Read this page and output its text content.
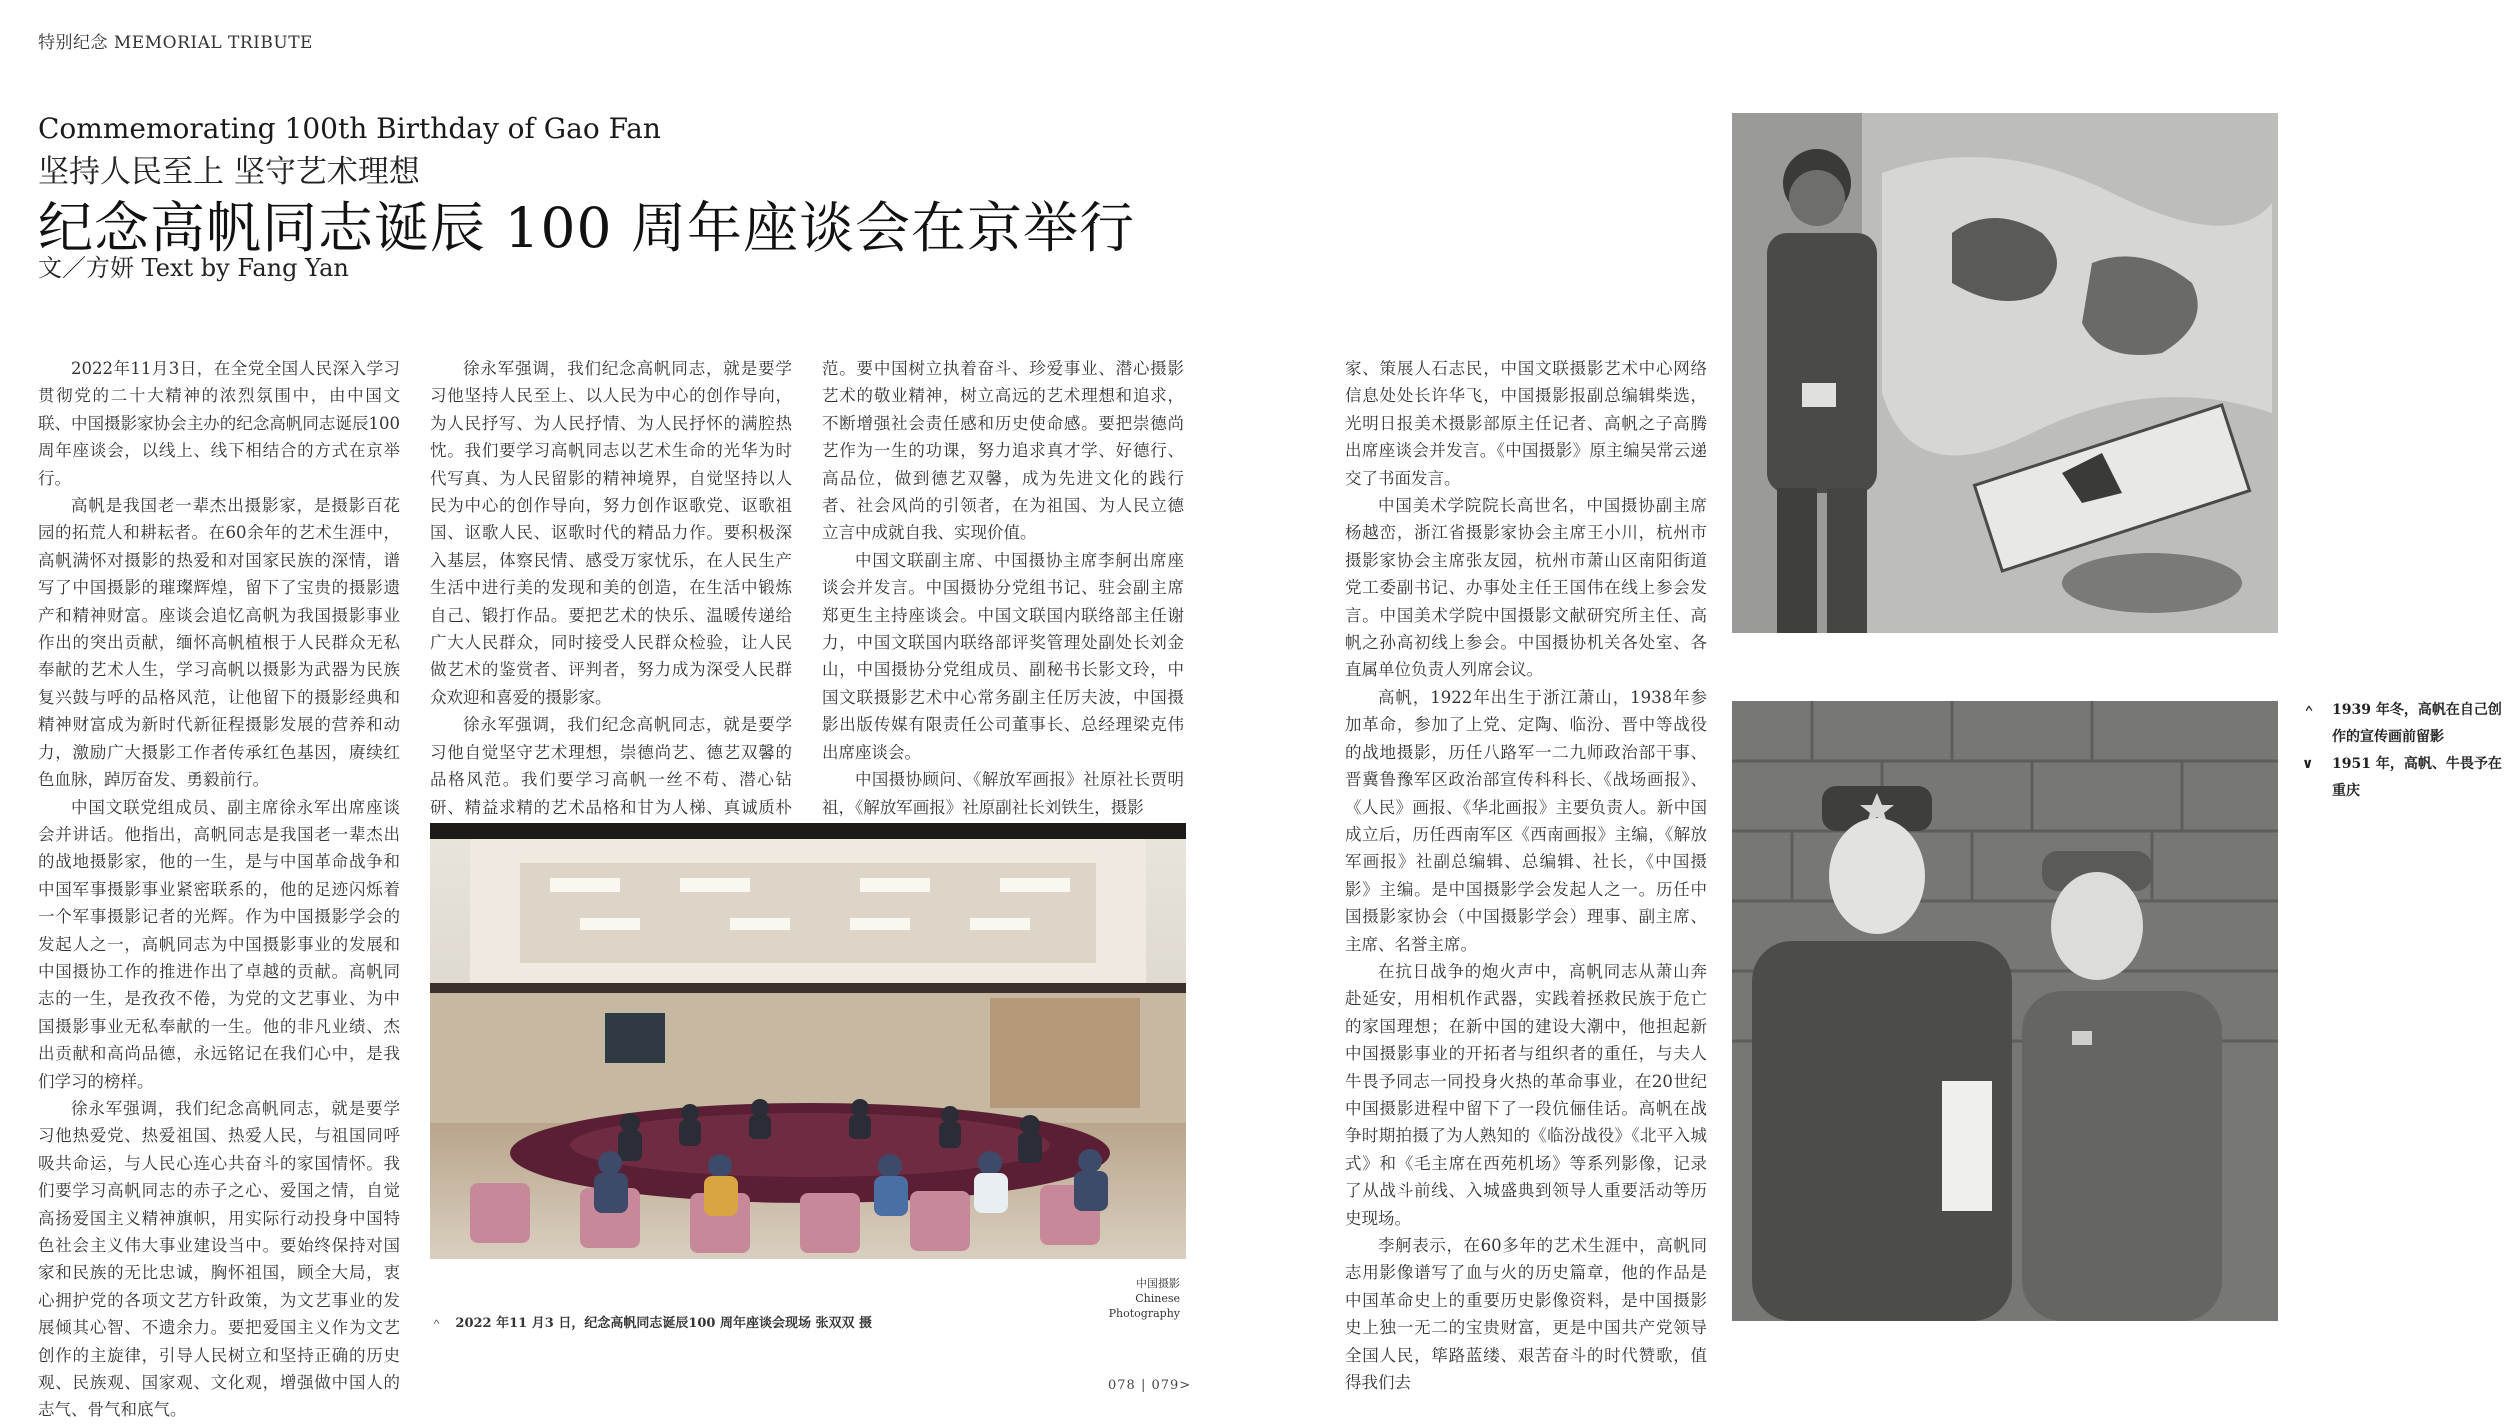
特别纪念 MEMORIAL TRIBUTE
Commemorating 100th Birthday of Gao Fan
坚持人民至上 坚守艺术理想
纪念高帆同志诞辰 100 周年座谈会在京举行
文／方妍 Text by Fang Yan

2022年11月3日，在全党全国人民深入学习贯彻党的二十大精神的浓烈氛围中，由中国文联、中国摄影家协会主办的纪念高帆同志诞辰100周年座谈会，以线上、线下相结合的方式在京举行。

高帆是我国老一辈杰出摄影家，是摄影百花园的拓荒人和耕耘者。在60余年的艺术生涯中，高帆满怀对摄影的热爱和对国家民族的深情，谱写了中国摄影的璀璨辉煌，留下了宝贵的摄影遗产和精神财富。座谈会追忆高帆为我国摄影事业作出的突出贡献，缅怀高帆植根于人民群众无私奉献的艺术人生，学习高帆以摄影为武器为民族复兴鼓与呼的品格风范，让他留下的摄影经典和精神财富成为新时代新征程摄影发展的营养和动力，激励广大摄影工作者传承红色基因，赓续红色血脉，踔厉奋发、勇毅前行。

中国文联党组成员、副主席徐永军出席座谈会并讲话。他指出，高帆同志是我国老一辈杰出的战地摄影家，他的一生，是与中国革命战争和中国军事摄影事业紧密联系的，他的足迹闪烁着一个军事摄影记者的光辉。作为中国摄影学会的发起人之一，高帆同志为中国摄影事业的发展和中国摄协工作的推进作出了卓越的贡献。高帆同志的一生，是孜孜不倦，为党的文艺事业、为中国摄影事业无私奉献的一生。他的非凡业绩、杰出贡献和高尚品德，永远铭记在我们心中，是我们学习的榜样。

徐永军强调，我们纪念高帆同志，就是要学习他热爱党、热爱祖国、热爱人民，与祖国同呼吸共命运，与人民心连心共奋斗的家国情怀。我们要学习高帆同志的赤子之心、爱国之情，自觉高扬爱国主义精神旗帜，用实际行动投身中国特色社会主义伟大事业建设当中。要始终保持对国家和民族的无比忠诚，胸怀祖国，顾全大局，衷心拥护党的各项文艺方针政策，为文艺事业的发展倾其心智、不遗余力。要把爱国主义作为文艺创作的主旋律，引导人民树立和坚持正确的历史观、民族观、国家观、文化观，增强做中国人的志气、骨气和底气。

徐永军强调，我们纪念高帆同志，就是要学习他坚持人民至上、以人民为中心的创作导向，为人民抒写、为人民抒情、为人民抒怀的满腔热忱。我们要学习高帆同志以艺术生命的光华为时代写真、为人民留影的精神境界，自觉坚持以人民为中心的创作导向，努力创作讴歌党、讴歌祖国、讴歌人民、讴歌时代的精品力作。要积极深入基层，体察民情、感受万家忧乐，在人民生产生活中进行美的发现和美的创造，在生活中锻炼自己、锻打作品。要把艺术的快乐、温暖传递给广大人民群众，同时接受人民群众检验，让人民做艺术的鉴赏者、评判者，努力成为深受人民群众欢迎和喜爱的摄影家。

徐永军强调，我们纪念高帆同志，就是要学习他自觉坚守艺术理想，崇德尚艺、德艺双馨的品格风范。我们要学习高帆一丝不苟、潜心钻研、精益求精的艺术品格和甘为人梯、真诚质朴

范。要中国树立执着奋斗、珍爱事业、潜心摄影艺术的敬业精神，树立高远的艺术理想和追求，不断增强社会责任感和历史使命感。要把崇德尚艺作为一生的功课，努力追求真才学、好德行、高品位，做到德艺双馨，成为先进文化的践行者、社会风尚的引领者，在为祖国、为人民立德立言中成就自我、实现价值。

中国文联副主席、中国摄协主席李舸出席座谈会并发言。中国摄协分党组书记、驻会副主席郑更生主持座谈会。中国文联国内联络部主任谢力，中国文联国内联络部评奖管理处副处长刘金山，中国摄协分党组成员、副秘书长影文玲，中国文联摄影艺术中心常务副主任厉夫波，中国摄影出版传媒有限责任公司董事长、总经理梁克伟出席座谈会。

中国摄协顾问、《解放军画报》社原社长贾明祖，《解放军画报》社原副社长刘铁生，摄影

＾ 2022 年11 月3 日，纪念高帆同志诞辰100 周年座谈会现场 张双双 摄
中国摄影
Chinese
Photography

家、策展人石志民，中国文联摄影艺术中心网络信息处处长许华飞，中国摄影报副总编辑柴选，光明日报美术摄影部原主任记者、高帆之子高腾出席座谈会并发言。《中国摄影》原主编吴常云递交了书面发言。

中国美术学院院长高世名，中国摄协副主席杨越峦，浙江省摄影家协会主席王小川，杭州市摄影家协会主席张友园，杭州市萧山区南阳街道党工委副书记、办事处主任王国伟在线上参会发言。中国美术学院中国摄影文献研究所主任、高帆之孙高初线上参会。中国摄协机关各处室、各直属单位负责人列席会议。

高帆，1922年出生于浙江萧山，1938年参加革命，参加了上党、定陶、临汾、晋中等战役的战地摄影，历任八路军一二九师政治部干事、晋冀鲁豫军区政治部宣传科科长、《战场画报》、《人民》画报、《华北画报》主要负责人。新中国成立后，历任西南军区《西南画报》主编，《解放军画报》社副总编辑、总编辑、社长，《中国摄影》主编。是中国摄影学会发起人之一。历任中国摄影家协会（中国摄影学会）理事、副主席、主席、名誉主席。

在抗日战争的炮火声中，高帆同志从萧山奔赴延安，用相机作武器，实践着拯救民族于危亡的家国理想；在新中国的建设大潮中，他担起新中国摄影事业的开拓者与组织者的重任，与夫人牛畏予同志一同投身火热的革命事业，在20世纪中国摄影进程中留下了一段伉俪佳话。高帆在战争时期拍摄了为人熟知的《临汾战役》《北平入城式》和《毛主席在西苑机场》等系列影像，记录了从战斗前线、入城盛典到领导人重要活动等历史现场。

李舸表示，在60多年的艺术生涯中，高帆同志用影像谱写了血与火的历史篇章，他的作品是中国革命史上的重要历史影像资料，是中国摄影史上独一无二的宝贵财富，更是中国共产党领导全国人民，筚路蓝缕、艰苦奋斗的时代赞歌，值得我们去

＾	1939 年冬，高帆在自己创作的宣传画前留影
∨	1951 年，高帆、牛畏予在重庆
078 | 079>
